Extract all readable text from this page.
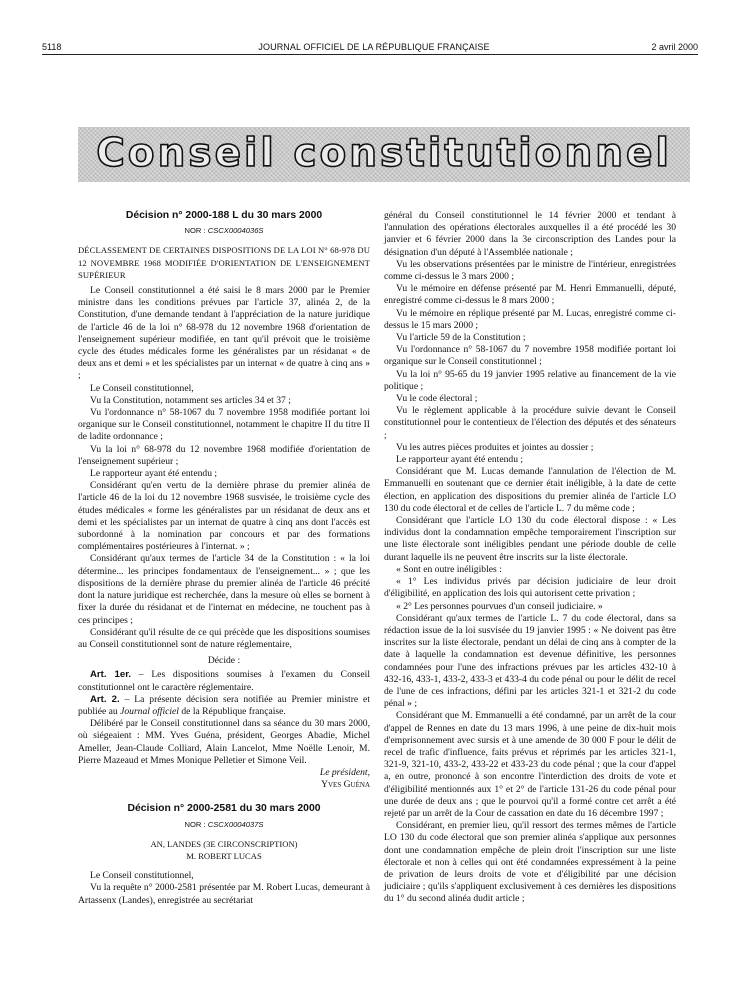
5118	JOURNAL OFFICIEL DE LA RÉPUBLIQUE FRANÇAISE	2 avril 2000
Conseil constitutionnel
Décision n° 2000-188 L du 30 mars 2000
NOR : CSCX0004036S
DÉCLASSEMENT DE CERTAINES DISPOSITIONS DE LA LOI N° 68-978 DU 12 NOVEMBRE 1968 MODIFIÉE D'ORIENTATION DE L'ENSEIGNEMENT SUPÉRIEUR

Le Conseil constitutionnel a été saisi le 8 mars 2000 par le Premier ministre dans les conditions prévues par l'article 37, alinéa 2, de la Constitution, d'une demande tendant à l'appréciation de la nature juridique de l'article 46 de la loi n° 68-978 du 12 novembre 1968 d'orientation de l'enseignement supérieur modifiée, en tant qu'il prévoit que le troisième cycle des études médicales forme les généralistes par un résidanat « de deux ans et demi » et les spécialistes par un internat « de quatre à cinq ans » ;

Le Conseil constitutionnel,

Vu la Constitution, notamment ses articles 34 et 37 ;

Vu l'ordonnance n° 58-1067 du 7 novembre 1958 modifiée portant loi organique sur le Conseil constitutionnel, notamment le chapitre II du titre II de ladite ordonnance ;

Vu la loi n° 68-978 du 12 novembre 1968 modifiée d'orientation de l'enseignement supérieur ;

Le rapporteur ayant été entendu ;

Considérant qu'en vertu de la dernière phrase du premier alinéa de l'article 46 de la loi du 12 novembre 1968 susvisée, le troisième cycle des études médicales « forme les généralistes par un résidanat de deux ans et demi et les spécialistes par un internat de quatre à cinq ans dont l'accès est subordonné à la nomination par concours et par des formations complémentaires postérieures à l'internat. » ;

Considérant qu'aux termes de l'article 34 de la Constitution : « la loi détermine... les principes fondamentaux de l'enseignement... » ; que les dispositions de la dernière phrase du premier alinéa de l'article 46 précité dont la nature juridique est recherchée, dans la mesure où elles se bornent à fixer la durée du résidanat et de l'internat en médecine, ne touchent pas à ces principes ;

Considérant qu'il résulte de ce qui précède que les dispositions soumises au Conseil constitutionnel sont de nature réglementaire,

Décide :

Art. 1er. – Les dispositions soumises à l'examen du Conseil constitutionnel ont le caractère réglementaire.

Art. 2. – La présente décision sera notifiée au Premier ministre et publiée au Journal officiel de la République française.

Délibéré par le Conseil constitutionnel dans sa séance du 30 mars 2000, où siégeaient : MM. Yves Guéna, président, Georges Abadie, Michel Ameller, Jean-Claude Colliard, Alain Lancelot, Mme Noëlle Lenoir, M. Pierre Mazeaud et Mmes Monique Pelletier et Simone Veil.

Le président,

Yves Guéna

Décision n° 2000-2581 du 30 mars 2000
NOR : CSCX0004037S

AN, LANDES (3E CIRCONSCRIPTION)

M. ROBERT LUCAS

Le Conseil constitutionnel,

Vu la requête n° 2000-2581 présentée par M. Robert Lucas, demeurant à Artassenx (Landes), enregistrée au secrétariat

général du Conseil constitutionnel le 14 février 2000 et tendant à l'annulation des opérations électorales auxquelles il a été procédé les 30 janvier et 6 février 2000 dans la 3e circonscription des Landes pour la désignation d'un député à l'Assemblée nationale ;

Vu les observations présentées par le ministre de l'intérieur, enregistrées comme ci-dessus le 3 mars 2000 ;

Vu le mémoire en défense présenté par M. Henri Emmanuelli, député, enregistré comme ci-dessus le 8 mars 2000 ;

Vu le mémoire en réplique présenté par M. Lucas, enregistré comme ci-dessus le 15 mars 2000 ;

Vu l'article 59 de la Constitution ;

Vu l'ordonnance n° 58-1067 du 7 novembre 1958 modifiée portant loi organique sur le Conseil constitutionnel ;

Vu la loi n° 95-65 du 19 janvier 1995 relative au financement de la vie politique ;

Vu le code électoral ;

Vu le règlement applicable à la procédure suivie devant le Conseil constitutionnel pour le contentieux de l'élection des députés et des sénateurs ;

Vu les autres pièces produites et jointes au dossier ;

Le rapporteur ayant été entendu ;

Considérant que M. Lucas demande l'annulation de l'élection de M. Emmanuelli en soutenant que ce dernier était inéligible, à la date de cette élection, en application des dispositions du premier alinéa de l'article LO 130 du code électoral et de celles de l'article L. 7 du même code ;

Considérant que l'article LO 130 du code électoral dispose : « Les individus dont la condamnation empêche temporairement l'inscription sur une liste électorale sont inéligibles pendant une période double de celle durant laquelle ils ne peuvent être inscrits sur la liste électorale.

« Sont en outre inéligibles :

« 1° Les individus privés par décision judiciaire de leur droit d'éligibilité, en application des lois qui autorisent cette privation ;

« 2° Les personnes pourvues d'un conseil judiciaire. »

Considérant qu'aux termes de l'article L. 7 du code électoral, dans sa rédaction issue de la loi susvisée du 19 janvier 1995 : « Ne doivent pas être inscrites sur la liste électorale, pendant un délai de cinq ans à compter de la date à laquelle la condamnation est devenue définitive, les personnes condamnées pour l'une des infractions prévues par les articles 432-10 à 432-16, 433-1, 433-2, 433-3 et 433-4 du code pénal ou pour le délit de recel de l'une de ces infractions, défini par les articles 321-1 et 321-2 du code pénal » ;

Considérant que M. Emmanuelli a été condamné, par un arrêt de la cour d'appel de Rennes en date du 13 mars 1996, à une peine de dix-huit mois d'emprisonnement avec sursis et à une amende de 30 000 F pour le délit de recel de trafic d'influence, faits prévus et réprimés par les articles 321-1, 321-9, 321-10, 433-2, 433-22 et 433-23 du code pénal ; que la cour d'appel a, en outre, prononcé à son encontre l'interdiction des droits de vote et d'éligibilité mentionnés aux 1° et 2° de l'article 131-26 du code pénal pour une durée de deux ans ; que le pourvoi qu'il a formé contre cet arrêt a été rejeté par un arrêt de la Cour de cassation en date du 16 décembre 1997 ;

Considérant, en premier lieu, qu'il ressort des termes mêmes de l'article LO 130 du code électoral que son premier alinéa s'applique aux personnes dont une condamnation empêche de plein droit l'inscription sur une liste électorale et non à celles qui ont été condamnées expressément à la peine de privation de leurs droits de vote et d'éligibilité par une décision judiciaire ; qu'ils s'appliquent exclusivement à ces dernières les dispositions du 1° du second alinéa dudit article ;
